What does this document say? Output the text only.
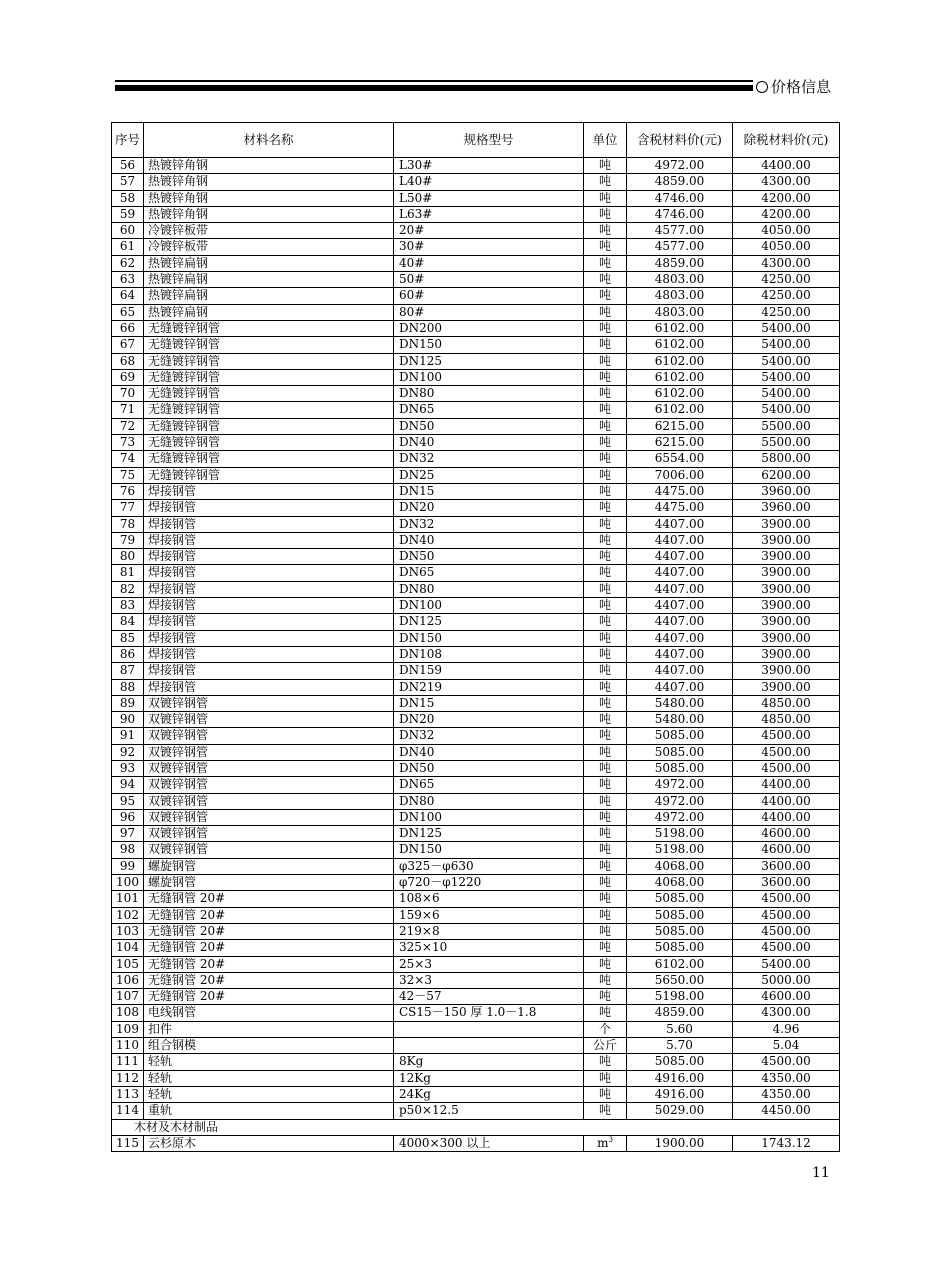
价格信息
序号	材料名称	规格型号	单位	含税材料价(元)	除税材料价(元)
56	热镀锌角钢	L30#	吨	4972.00	4400.00
57	热镀锌角钢	L40#	吨	4859.00	4300.00
58	热镀锌角钢	L50#	吨	4746.00	4200.00
59	热镀锌角钢	L63#	吨	4746.00	4200.00
60	冷镀锌板带	20#	吨	4577.00	4050.00
61	冷镀锌板带	30#	吨	4577.00	4050.00
62	热镀锌扁钢	40#	吨	4859.00	4300.00
63	热镀锌扁钢	50#	吨	4803.00	4250.00
64	热镀锌扁钢	60#	吨	4803.00	4250.00
65	热镀锌扁钢	80#	吨	4803.00	4250.00
66	无缝镀锌钢管	DN200	吨	6102.00	5400.00
67	无缝镀锌钢管	DN150	吨	6102.00	5400.00
68	无缝镀锌钢管	DN125	吨	6102.00	5400.00
69	无缝镀锌钢管	DN100	吨	6102.00	5400.00
70	无缝镀锌钢管	DN80	吨	6102.00	5400.00
71	无缝镀锌钢管	DN65	吨	6102.00	5400.00
72	无缝镀锌钢管	DN50	吨	6215.00	5500.00
73	无缝镀锌钢管	DN40	吨	6215.00	5500.00
74	无缝镀锌钢管	DN32	吨	6554.00	5800.00
75	无缝镀锌钢管	DN25	吨	7006.00	6200.00
76	焊接钢管	DN15	吨	4475.00	3960.00
77	焊接钢管	DN20	吨	4475.00	3960.00
78	焊接钢管	DN32	吨	4407.00	3900.00
79	焊接钢管	DN40	吨	4407.00	3900.00
80	焊接钢管	DN50	吨	4407.00	3900.00
81	焊接钢管	DN65	吨	4407.00	3900.00
82	焊接钢管	DN80	吨	4407.00	3900.00
83	焊接钢管	DN100	吨	4407.00	3900.00
84	焊接钢管	DN125	吨	4407.00	3900.00
85	焊接钢管	DN150	吨	4407.00	3900.00
86	焊接钢管	DN108	吨	4407.00	3900.00
87	焊接钢管	DN159	吨	4407.00	3900.00
88	焊接钢管	DN219	吨	4407.00	3900.00
89	双镀锌钢管	DN15	吨	5480.00	4850.00
90	双镀锌钢管	DN20	吨	5480.00	4850.00
91	双镀锌钢管	DN32	吨	5085.00	4500.00
92	双镀锌钢管	DN40	吨	5085.00	4500.00
93	双镀锌钢管	DN50	吨	5085.00	4500.00
94	双镀锌钢管	DN65	吨	4972.00	4400.00
95	双镀锌钢管	DN80	吨	4972.00	4400.00
96	双镀锌钢管	DN100	吨	4972.00	4400.00
97	双镀锌钢管	DN125	吨	5198.00	4600.00
98	双镀锌钢管	DN150	吨	5198.00	4600.00
99	螺旋钢管	φ325－φ630	吨	4068.00	3600.00
100	螺旋钢管	φ720－φ1220	吨	4068.00	3600.00
101	无缝钢管 20#	108×6	吨	5085.00	4500.00
102	无缝钢管 20#	159×6	吨	5085.00	4500.00
103	无缝钢管 20#	219×8	吨	5085.00	4500.00
104	无缝钢管 20#	325×10	吨	5085.00	4500.00
105	无缝钢管 20#	25×3	吨	6102.00	5400.00
106	无缝钢管 20#	32×3	吨	5650.00	5000.00
107	无缝钢管 20#	42－57	吨	5198.00	4600.00
108	电线钢管	CS15－150 厚 1.0－1.8	吨	4859.00	4300.00
109	扣件		个	5.60	4.96
110	组合钢模		公斤	5.70	5.04
111	轻轨	8Kg	吨	5085.00	4500.00
112	轻轨	12Kg	吨	4916.00	4350.00
113	轻轨	24Kg	吨	4916.00	4350.00
114	重轨	p50×12.5	吨	5029.00	4450.00
木材及木材制品					
115	云杉原木	4000×300 以上	$m^3$	1900.00	1743.12
11
